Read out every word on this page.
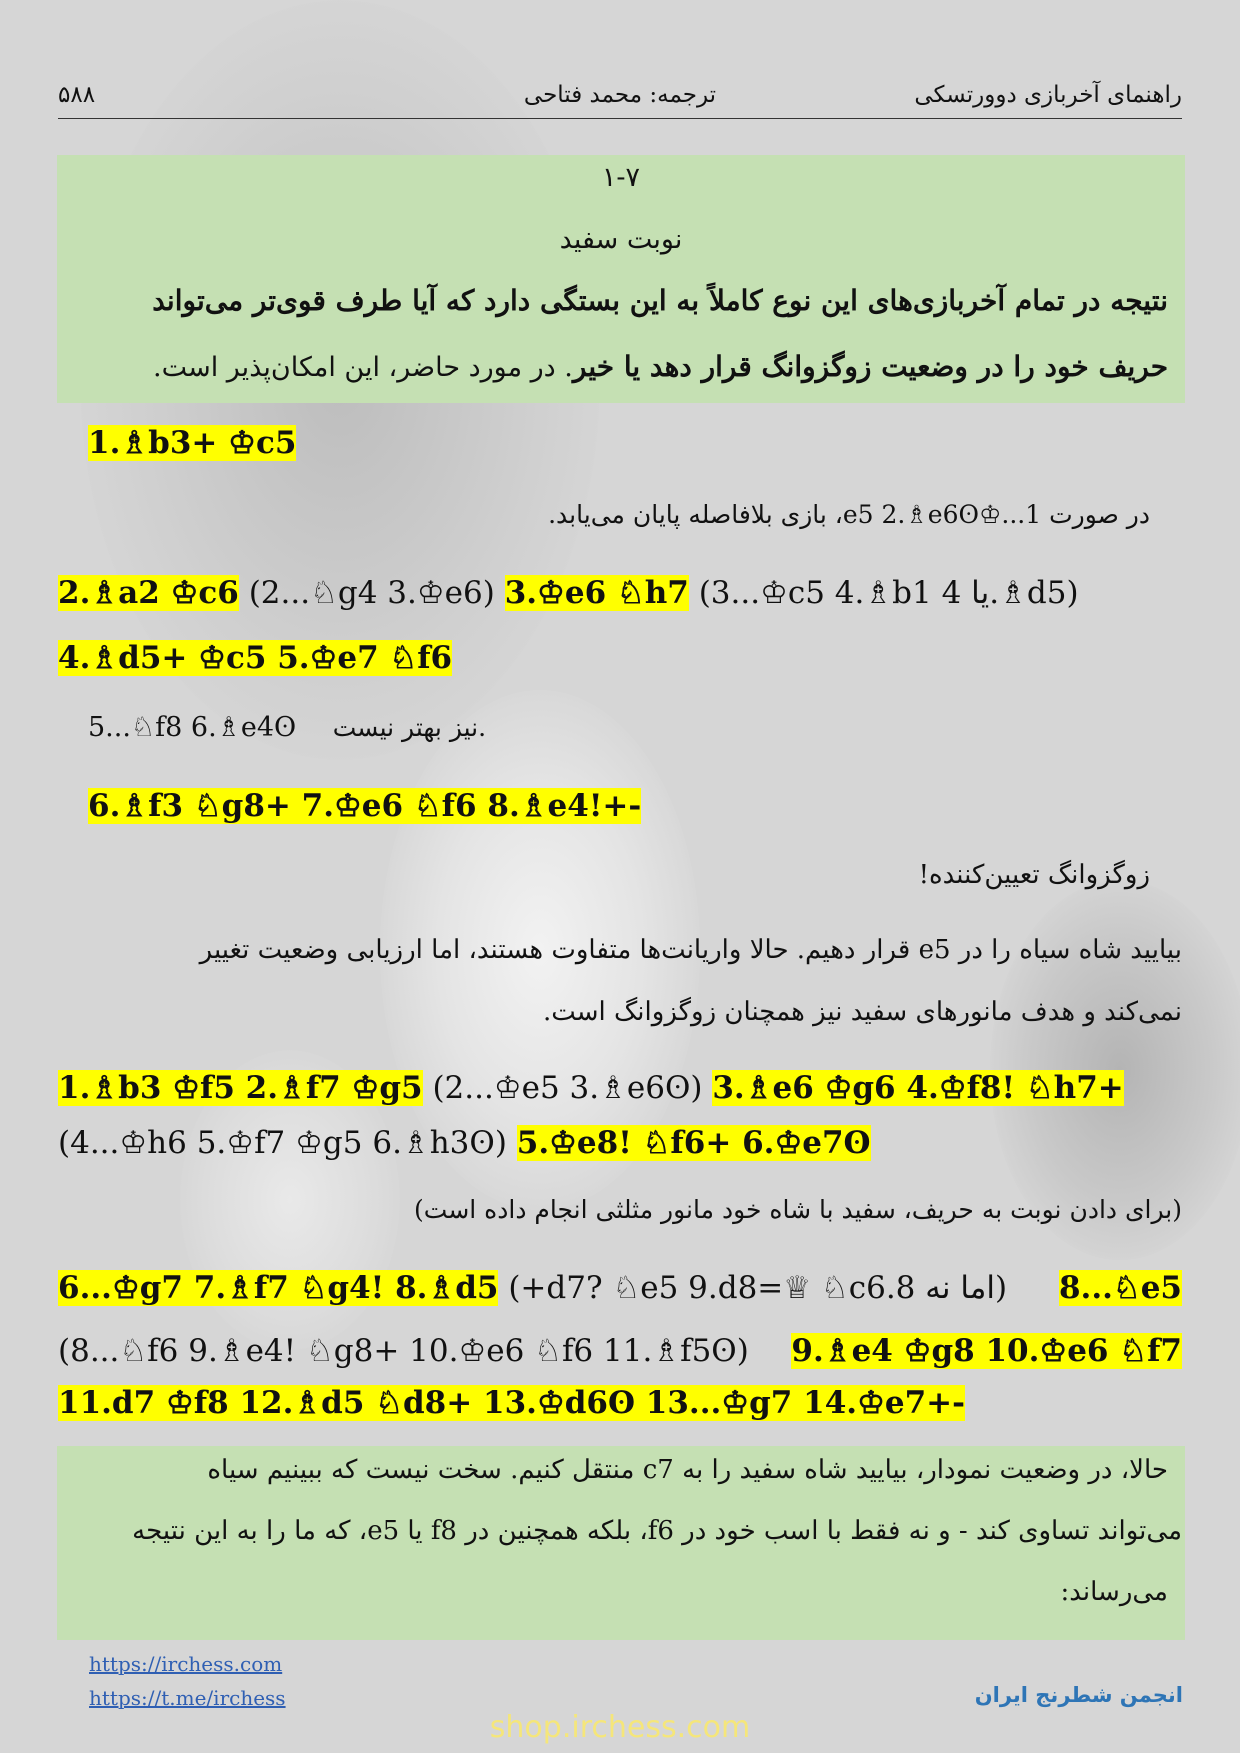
راهنمای آخربازی دوورتسکی
ترجمه: محمد فتاحی
۵۸۸
۱-۷
نوبت سفید
نتیجه در تمام آخربازی‌های این نوع کاملاً به این بستگی دارد که آیا طرف قوی‌تر می‌تواند
حریف خود را در وضعیت زوگزوانگ قرار دهد یا خیر. در مورد حاضر، این امکان‌پذیر است.
1.♗b3+ ♔c5
در صورت 1...♔e5 2.♗e6ʘ، بازی بلافاصله پایان می‌یابد.
2.♗a2 ♔c6 (2...♘g4 3.♔e6) 3.♔e6 ♘h7 (3...♔c5 4.♗b1 یا 4.♗d5)
4.♗d5+ ♔c5 5.♔e7 ♘f6
5...♘f8 6.♗e4ʘ نیز بهتر نیست.
6.♗f3 ♘g8+ 7.♔e6 ♘f6 8.♗e4!+-
زوگزوانگ تعیین‌کننده!
بیایید شاه سیاه را در e5 قرار دهیم. حالا واریانت‌ها متفاوت هستند، اما ارزیابی وضعیت تغییر
نمی‌کند و هدف مانورهای سفید نیز همچنان زوگزوانگ است.
1.♗b3 ♔f5 2.♗f7 ♔g5 (2...♔e5 3.♗e6ʘ) 3.♗e6 ♔g6 4.♔f8! ♘h7+
(4...♔h6 5.♔f7 ♔g5 6.♗h3ʘ) 5.♔e8! ♘f6+ 6.♔e7ʘ
(برای دادن نوبت به حریف، سفید با شاه خود مانور مثلثی انجام داده است)
6...♔g7 7.♗f7 ♘g4! 8.♗d5 (اما نه 8.d7? ♘e5 9.d8=♕ ♘c6+) 8...♘e5
(8...♘f6 9.♗e4! ♘g8+ 10.♔e6 ♘f6 11.♗f5ʘ) 9.♗e4 ♔g8 10.♔e6 ♘f7
11.d7 ♔f8 12.♗d5 ♘d8+ 13.♔d6ʘ 13...♔g7 14.♔e7+-
حالا، در وضعیت نمودار، بیایید شاه سفید را به c7 منتقل کنیم. سخت نیست که ببینیم سیاه
می‌تواند تساوی کند - و نه فقط با اسب خود در f6، بلکه همچنین در f8 یا e5، که ما را به این نتیجه
می‌رساند:
https://irchess.com
https://t.me/irchess	انجمن شطرنج ایران
shop.irchess.com
